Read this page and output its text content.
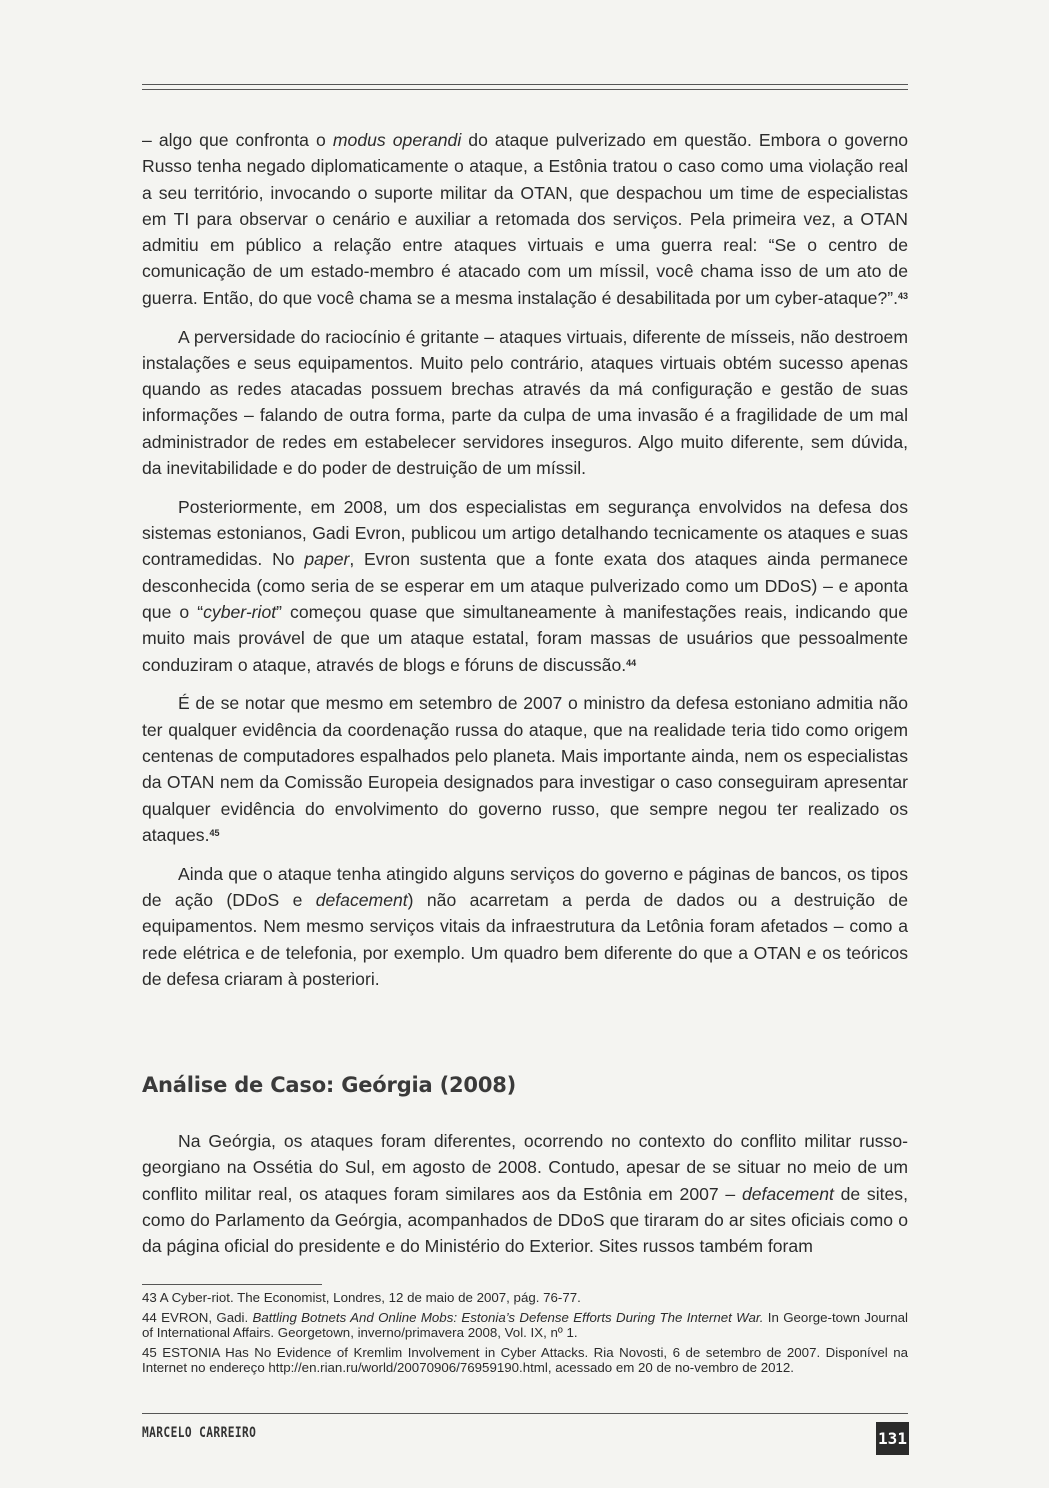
– algo que confronta o modus operandi do ataque pulverizado em questão. Embora o governo Russo tenha negado diplomaticamente o ataque, a Estônia tratou o caso como uma violação real a seu território, invocando o suporte militar da OTAN, que despachou um time de especialistas em TI para observar o cenário e auxiliar a retomada dos serviços. Pela primeira vez, a OTAN admitiu em público a relação entre ataques virtuais e uma guerra real: “Se o centro de comunicação de um estado-membro é atacado com um míssil, você chama isso de um ato de guerra. Então, do que você chama se a mesma instalação é desabilitada por um cyber-ataque?”.$^{43}$

A perversidade do raciocínio é gritante – ataques virtuais, diferente de mísseis, não destroem instalações e seus equipamentos. Muito pelo contrário, ataques virtuais obtém sucesso apenas quando as redes atacadas possuem brechas através da má configuração e gestão de suas informações – falando de outra forma, parte da culpa de uma invasão é a fragilidade de um mal administrador de redes em estabelecer servidores inseguros. Algo muito diferente, sem dúvida, da inevitabilidade e do poder de destruição de um míssil.

Posteriormente, em 2008, um dos especialistas em segurança envolvidos na defesa dos sistemas estonianos, Gadi Evron, publicou um artigo detalhando tecnicamente os ataques e suas contramedidas. No paper, Evron sustenta que a fonte exata dos ataques ainda permanece desconhecida (como seria de se esperar em um ataque pulverizado como um DDoS) – e aponta que o “cyber-riot” começou quase que simultaneamente à manifestações reais, indicando que muito mais provável de que um ataque estatal, foram massas de usuários que pessoalmente conduziram o ataque, através de blogs e fóruns de discussão.$^{44}$

É de se notar que mesmo em setembro de 2007 o ministro da defesa estoniano admitia não ter qualquer evidência da coordenação russa do ataque, que na realidade teria tido como origem centenas de computadores espalhados pelo planeta. Mais importante ainda, nem os especialistas da OTAN nem da Comissão Europeia designados para investigar o caso conseguiram apresentar qualquer evidência do envolvimento do governo russo, que sempre negou ter realizado os ataques.$^{45}$

Ainda que o ataque tenha atingido alguns serviços do governo e páginas de bancos, os tipos de ação (DDoS e defacement) não acarretam a perda de dados ou a destruição de equipamentos. Nem mesmo serviços vitais da infraestrutura da Letônia foram afetados – como a rede elétrica e de telefonia, por exemplo. Um quadro bem diferente do que a OTAN e os teóricos de defesa criaram à posteriori.

Análise de Caso: Geórgia (2008)

Na Geórgia, os ataques foram diferentes, ocorrendo no contexto do conflito militar russo-georgiano na Ossétia do Sul, em agosto de 2008. Contudo, apesar de se situar no meio de um conflito militar real, os ataques foram similares aos da Estônia em 2007 – defacement de sites, como do Parlamento da Geórgia, acompanhados de DDoS que tiraram do ar sites oficiais como o da página oficial do presidente e do Ministério do Exterior. Sites russos também foram

43 A Cyber-riot. The Economist, Londres, 12 de maio de 2007, pág. 76-77.

44 EVRON, Gadi. Battling Botnets And Online Mobs: Estonia’s Defense Efforts During The Internet War. In George-town Journal of International Affairs. Georgetown, inverno/primavera 2008, Vol. IX, nº 1.

45 ESTONIA Has No Evidence of Kremlim Involvement in Cyber Attacks. Ria Novosti, 6 de setembro de 2007. Disponível na Internet no endereço http://en.rian.ru/world/20070906/76959190.html, acessado em 20 de no-vembro de 2012.

MARCELO CARREIRO	131
